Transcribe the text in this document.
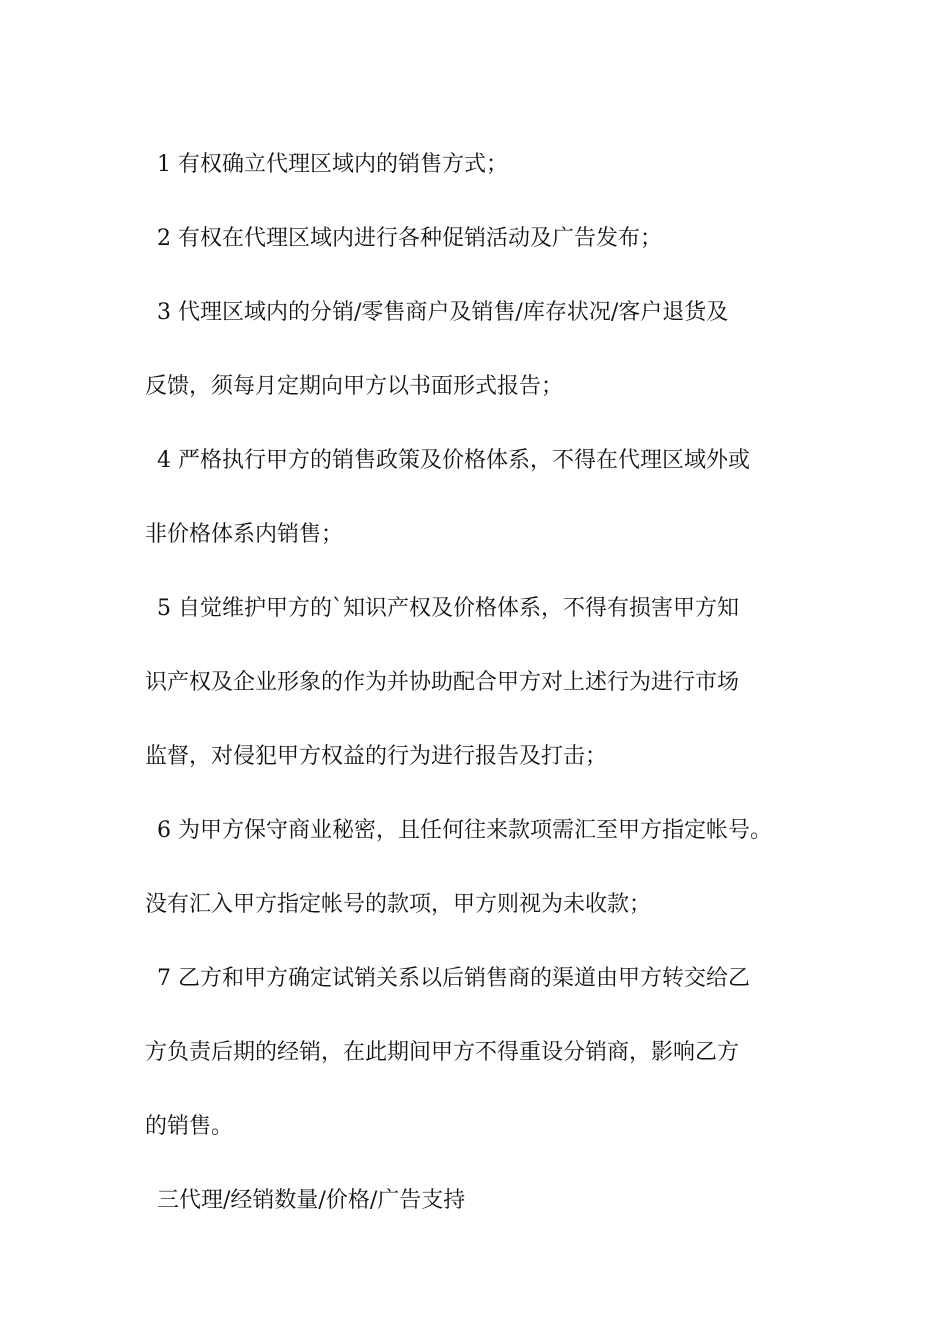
1 有权确立代理区域内的销售方式；
2 有权在代理区域内进行各种促销活动及广告发布；
3 代理区域内的分销/零售商户及销售/库存状况/客户退货及
反馈，须每月定期向甲方以书面形式报告；
4 严格执行甲方的销售政策及价格体系，不得在代理区域外或
非价格体系内销售；
5 自觉维护甲方的`知识产权及价格体系，不得有损害甲方知
识产权及企业形象的作为并协助配合甲方对上述行为进行市场
监督，对侵犯甲方权益的行为进行报告及打击；
6 为甲方保守商业秘密，且任何往来款项需汇至甲方指定帐号。
没有汇入甲方指定帐号的款项，甲方则视为未收款；
7 乙方和甲方确定试销关系以后销售商的渠道由甲方转交给乙
方负责后期的经销，在此期间甲方不得重设分销商，影响乙方
的销售。
三代理/经销数量/价格/广告支持
